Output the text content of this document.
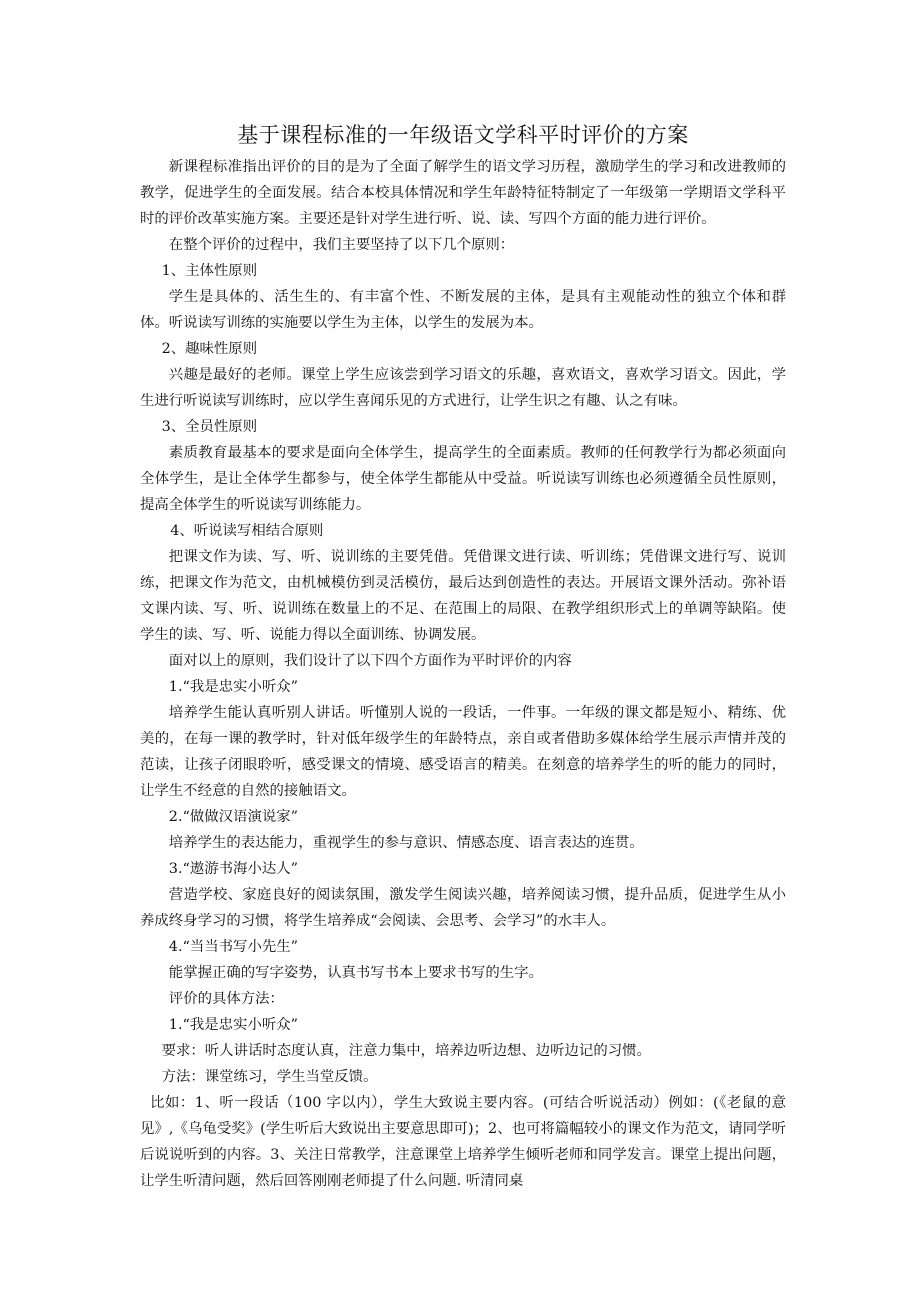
基于课程标准的一年级语文学科平时评价的方案

新课程标准指出评价的目的是为了全面了解学生的语文学习历程，激励学生的学习和改进教师的教学，促进学生的全面发展。结合本校具体情况和学生年龄特征特制定了一年级第一学期语文学科平时的评价改革实施方案。主要还是针对学生进行听、说、读、写四个方面的能力进行评价。

在整个评价的过程中，我们主要坚持了以下几个原则：

1、主体性原则

学生是具体的、活生生的、有丰富个性、不断发展的主体，是具有主观能动性的独立个体和群体。听说读写训练的实施要以学生为主体，以学生的发展为本。

2、趣味性原则

兴趣是最好的老师。课堂上学生应该尝到学习语文的乐趣，喜欢语文，喜欢学习语文。因此，学生进行听说读写训练时，应以学生喜闻乐见的方式进行，让学生识之有趣、认之有味。

3、全员性原则

素质教育最基本的要求是面向全体学生，提高学生的全面素质。教师的任何教学行为都必须面向全体学生，是让全体学生都参与，使全体学生都能从中受益。听说读写训练也必须遵循全员性原则，提高全体学生的听说读写训练能力。

4、听说读写相结合原则

把课文作为读、写、听、说训练的主要凭借。凭借课文进行读、听训练；凭借课文进行写、说训练，把课文作为范文，由机械模仿到灵活模仿，最后达到创造性的表达。开展语文课外活动。弥补语文课内读、写、听、说训练在数量上的不足、在范围上的局限、在教学组织形式上的单调等缺陷。使学生的读、写、听、说能力得以全面训练、协调发展。

面对以上的原则，我们设计了以下四个方面作为平时评价的内容

1.“我是忠实小听众”

培养学生能认真听别人讲话。听懂别人说的一段话，一件事。一年级的课文都是短小、精练、优美的，在每一课的教学时，针对低年级学生的年龄特点，亲自或者借助多媒体给学生展示声情并茂的范读，让孩子闭眼聆听，感受课文的情境、感受语言的精美。在刻意的培养学生的听的能力的同时，让学生不经意的自然的接触语文。

2.“做做汉语演说家”

培养学生的表达能力，重视学生的参与意识、情感态度、语言表达的连贯。

3.“遨游书海小达人”

营造学校、家庭良好的阅读氛围，激发学生阅读兴趣，培养阅读习惯，提升品质，促进学生从小养成终身学习的习惯，将学生培养成“会阅读、会思考、会学习”的水丰人。

4.“当当书写小先生”

能掌握正确的写字姿势，认真书写书本上要求书写的生字。

评价的具体方法：

1.“我是忠实小听众”

要求：听人讲话时态度认真，注意力集中，培养边听边想、边听边记的习惯。

方法：课堂练习，学生当堂反馈。

比如：1、听一段话（100 字以内），学生大致说主要内容。(可结合听说活动）例如：(《老鼠的意见》,《乌龟受奖》(学生听后大致说出主要意思即可)；2、也可将篇幅较小的课文作为范文，请同学听后说说听到的内容。3、关注日常教学，注意课堂上培养学生倾听老师和同学发言。课堂上提出问题，让学生听清问题，然后回答刚刚老师提了什么问题. 听清同桌
